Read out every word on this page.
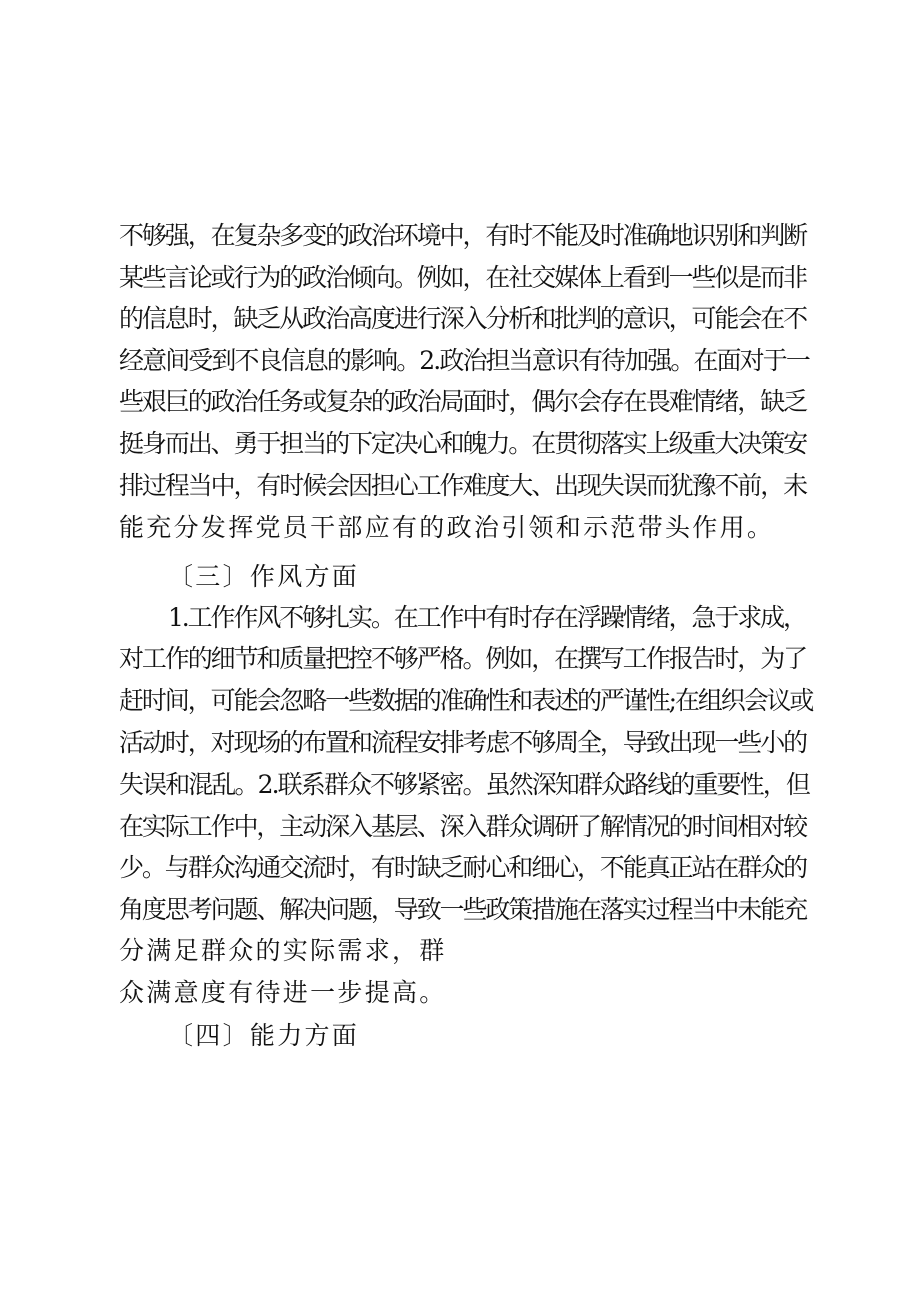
不够强，在复杂多变的政治环境中，有时不能及时准确地识别和判断
某些言论或行为的政治倾向。例如，在社交媒体上看到一些似是而非
的信息时，缺乏从政治高度进行深入分析和批判的意识，可能会在不
经意间受到不良信息的影响。2.政治担当意识有待加强。在面对于一
些艰巨的政治任务或复杂的政治局面时，偶尔会存在畏难情绪，缺乏
挺身而出、勇于担当的下定决心和魄力。在贯彻落实上级重大决策安
排过程当中，有时候会因担心工作难度大、出现失误而犹豫不前，未
能充分发挥党员干部应有的政治引领和示范带头作用。
〔三〕作风方面
1.工作作风不够扎实。在工作中有时存在浮躁情绪，急于求成，
对工作的细节和质量把控不够严格。例如，在撰写工作报告时，为了
赶时间，可能会忽略一些数据的准确性和表述的严谨性;在组织会议或
活动时，对现场的布置和流程安排考虑不够周全，导致出现一些小的
失误和混乱。2.联系群众不够紧密。虽然深知群众路线的重要性，但
在实际工作中，主动深入基层、深入群众调研了解情况的时间相对较
少。与群众沟通交流时，有时缺乏耐心和细心，不能真正站在群众的
角度思考问题、解决问题，导致一些政策措施在落实过程当中未能充
分满足群众的实际需求，群
众满意度有待进一步提高。
〔四〕能力方面
